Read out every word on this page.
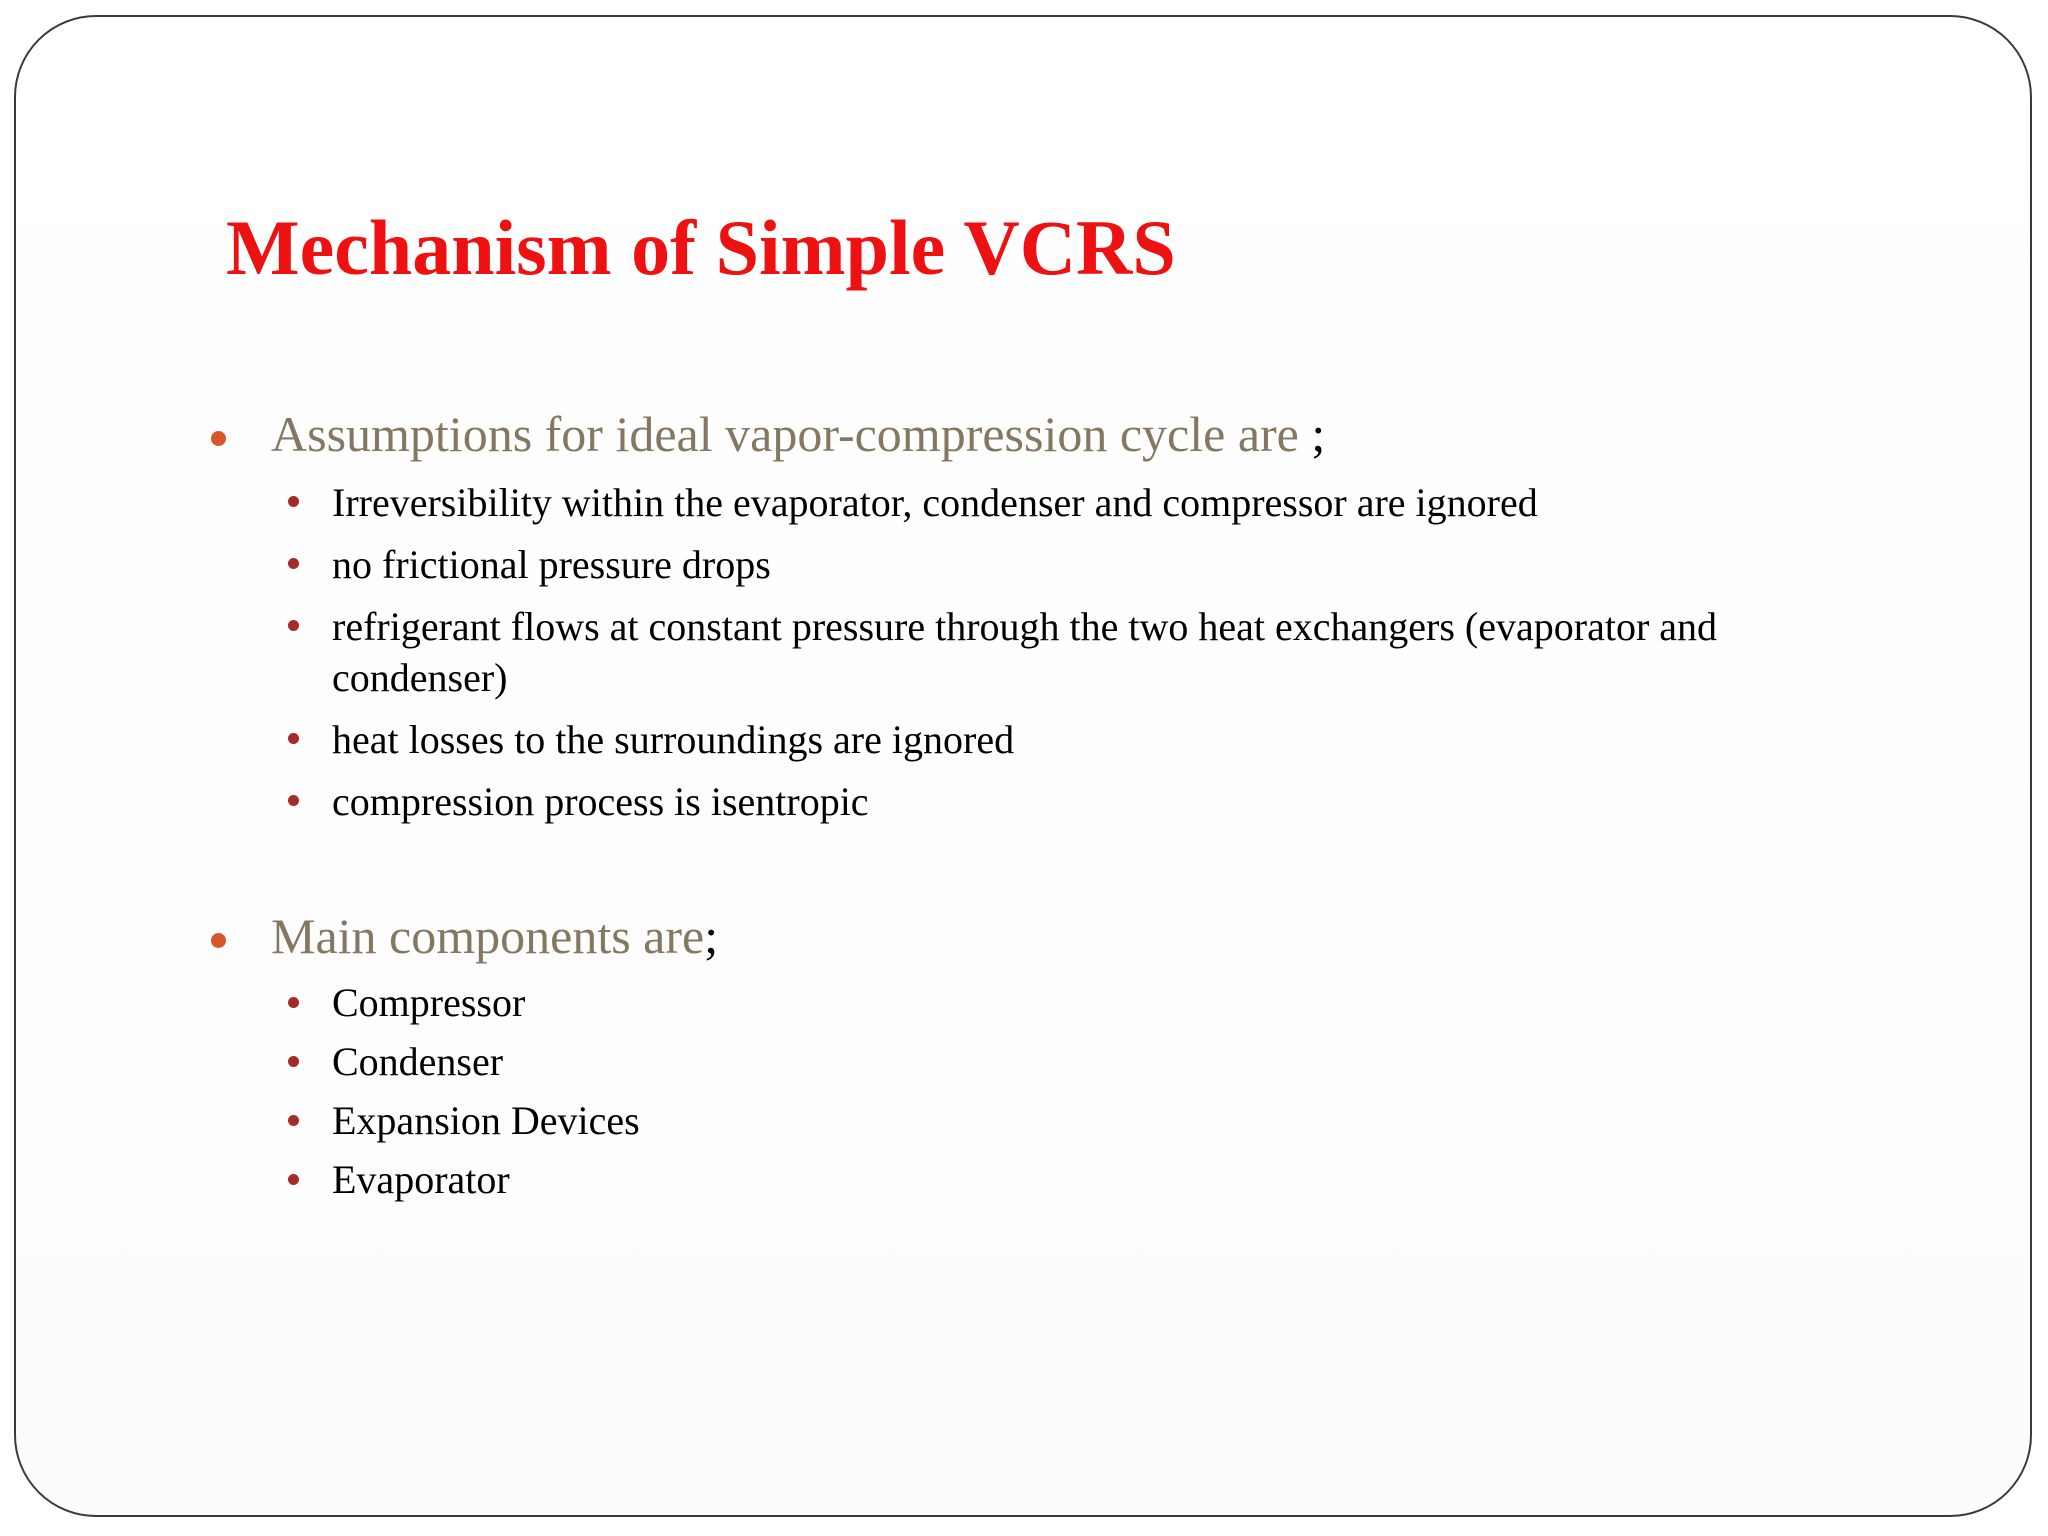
Mechanism of Simple VCRS

Assumptions for ideal vapor-compression cycle are ;

Irreversibility within the evaporator, condenser and compressor are ignored
no frictional pressure drops
refrigerant flows at constant pressure through the two heat exchangers (evaporator and condenser)
heat losses to the surroundings are ignored
compression process is isentropic

Main components are;

Compressor
Condenser
Expansion Devices
Evaporator
